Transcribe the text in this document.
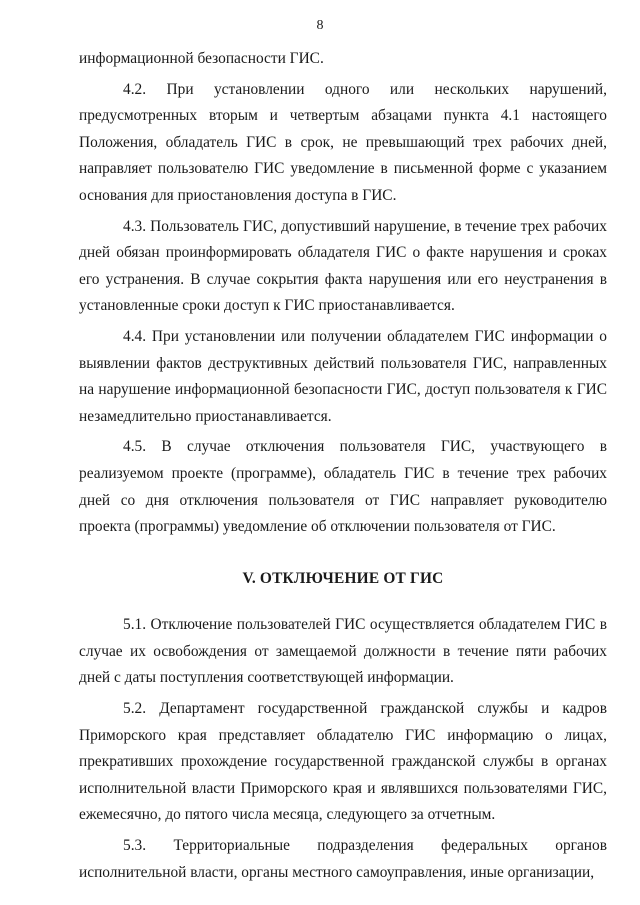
8

информационной безопасности ГИС.

4.2. При установлении одного или нескольких нарушений, предусмотренных вторым и четвертым абзацами пункта 4.1 настоящего Положения, обладатель ГИС в срок, не превышающий трех рабочих дней, направляет пользователю ГИС уведомление в письменной форме с указанием основания для приостановления доступа в ГИС.

4.3. Пользователь ГИС, допустивший нарушение, в течение трех рабочих дней обязан проинформировать обладателя ГИС о факте нарушения и сроках его устранения. В случае сокрытия факта нарушения или его неустранения в установленные сроки доступ к ГИС приостанавливается.

4.4. При установлении или получении обладателем ГИС информации о выявлении фактов деструктивных действий пользователя ГИС, направленных на нарушение информационной безопасности ГИС, доступ пользователя к ГИС незамедлительно приостанавливается.

4.5. В случае отключения пользователя ГИС, участвующего в реализуемом проекте (программе), обладатель ГИС в течение трех рабочих дней со дня отключения пользователя от ГИС направляет руководителю проекта (программы) уведомление об отключении пользователя от ГИС.

V. ОТКЛЮЧЕНИЕ ОТ ГИС

5.1. Отключение пользователей ГИС осуществляется обладателем ГИС в случае их освобождения от замещаемой должности в течение пяти рабочих дней с даты поступления соответствующей информации.

5.2. Департамент государственной гражданской службы и кадров Приморского края представляет обладателю ГИС информацию о лицах, прекративших прохождение государственной гражданской службы в органах исполнительной власти Приморского края и являвшихся пользователями ГИС, ежемесячно, до пятого числа месяца, следующего за отчетным.

5.3. Территориальные подразделения федеральных органов исполнительной власти, органы местного самоуправления, иные организации,
